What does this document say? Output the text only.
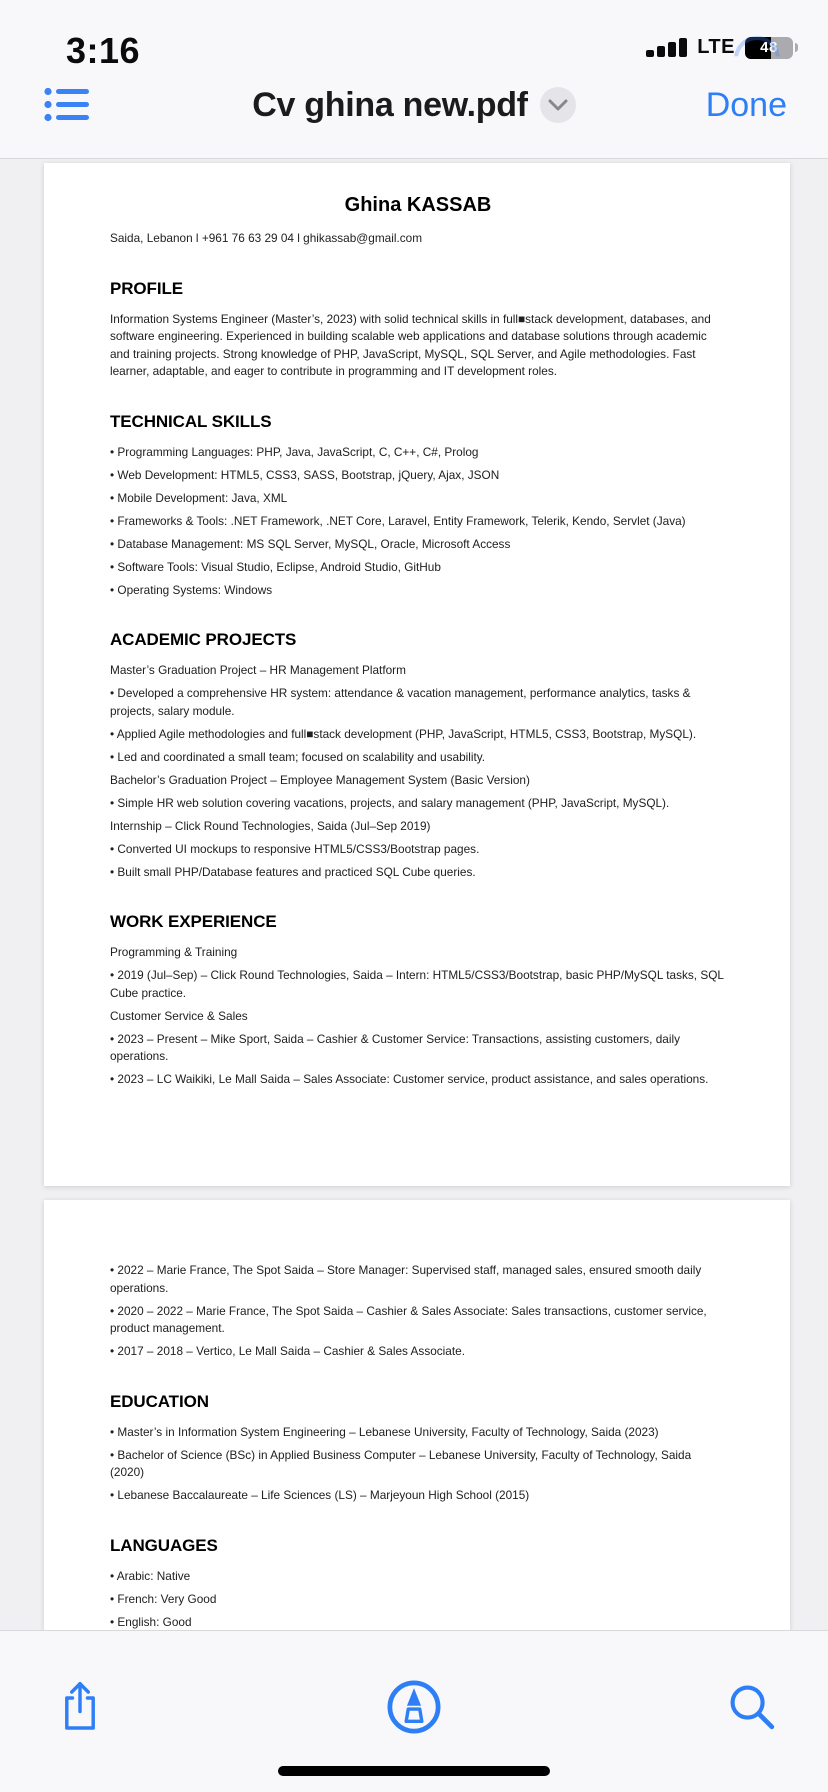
3:16	LTE	48
Cv ghina new.pdf	Done
Ghina KASSAB
Saida, Lebanon l +961 76 63 29 04 l ghikassab@gmail.com
PROFILE

Information Systems Engineer (Master’s, 2023) with solid technical skills in full■stack development, databases, and software engineering. Experienced in building scalable web applications and database solutions through academic and training projects. Strong knowledge of PHP, JavaScript, MySQL, SQL Server, and Agile methodologies. Fast learner, adaptable, and eager to contribute in programming and IT development roles.

TECHNICAL SKILLS

• Programming Languages: PHP, Java, JavaScript, C, C++, C#, Prolog

• Web Development: HTML5, CSS3, SASS, Bootstrap, jQuery, Ajax, JSON

• Mobile Development: Java, XML

• Frameworks & Tools: .NET Framework, .NET Core, Laravel, Entity Framework, Telerik, Kendo, Servlet (Java)

• Database Management: MS SQL Server, MySQL, Oracle, Microsoft Access

• Software Tools: Visual Studio, Eclipse, Android Studio, GitHub

• Operating Systems: Windows

ACADEMIC PROJECTS

Master’s Graduation Project – HR Management Platform

• Developed a comprehensive HR system: attendance & vacation management, performance analytics, tasks & projects, salary module.

• Applied Agile methodologies and full■stack development (PHP, JavaScript, HTML5, CSS3, Bootstrap, MySQL).

• Led and coordinated a small team; focused on scalability and usability.

Bachelor’s Graduation Project – Employee Management System (Basic Version)

• Simple HR web solution covering vacations, projects, and salary management (PHP, JavaScript, MySQL).

Internship – Click Round Technologies, Saida (Jul–Sep 2019)

• Converted UI mockups to responsive HTML5/CSS3/Bootstrap pages.

• Built small PHP/Database features and practiced SQL Cube queries.

WORK EXPERIENCE

Programming & Training

• 2019 (Jul–Sep) – Click Round Technologies, Saida – Intern: HTML5/CSS3/Bootstrap, basic PHP/MySQL tasks, SQL Cube practice.

Customer Service & Sales

• 2023 – Present – Mike Sport, Saida – Cashier & Customer Service: Transactions, assisting customers, daily operations.

• 2023 – LC Waikiki, Le Mall Saida – Sales Associate: Customer service, product assistance, and sales operations.

• 2022 – Marie France, The Spot Saida – Store Manager: Supervised staff, managed sales, ensured smooth daily operations.

• 2020 – 2022 – Marie France, The Spot Saida – Cashier & Sales Associate: Sales transactions, customer service, product management.

• 2017 – 2018 – Vertico, Le Mall Saida – Cashier & Sales Associate.

EDUCATION

• Master’s in Information System Engineering – Lebanese University, Faculty of Technology, Saida (2023)

• Bachelor of Science (BSc) in Applied Business Computer – Lebanese University, Faculty of Technology, Saida (2020)

• Lebanese Baccalaureate – Life Sciences (LS) – Marjeyoun High School (2015)

LANGUAGES

• Arabic: Native

• French: Very Good

• English: Good
